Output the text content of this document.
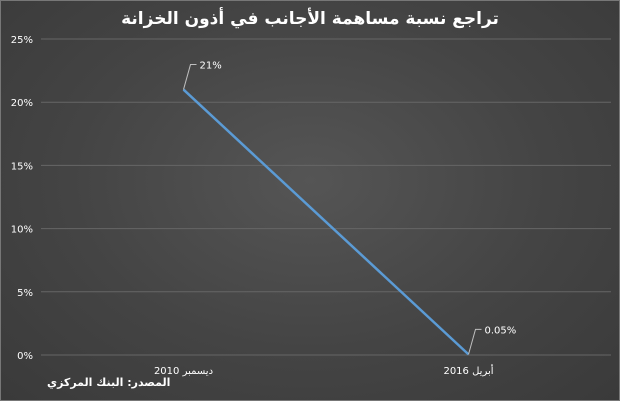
تراجع نسبة مساهمة الأجانب في أذون الخزانة
0%
5%
10%
15%
20%
25%
ديسمبر 2010	أبريل 2016
21%
0.05%
المصدر: البنك المركزي
